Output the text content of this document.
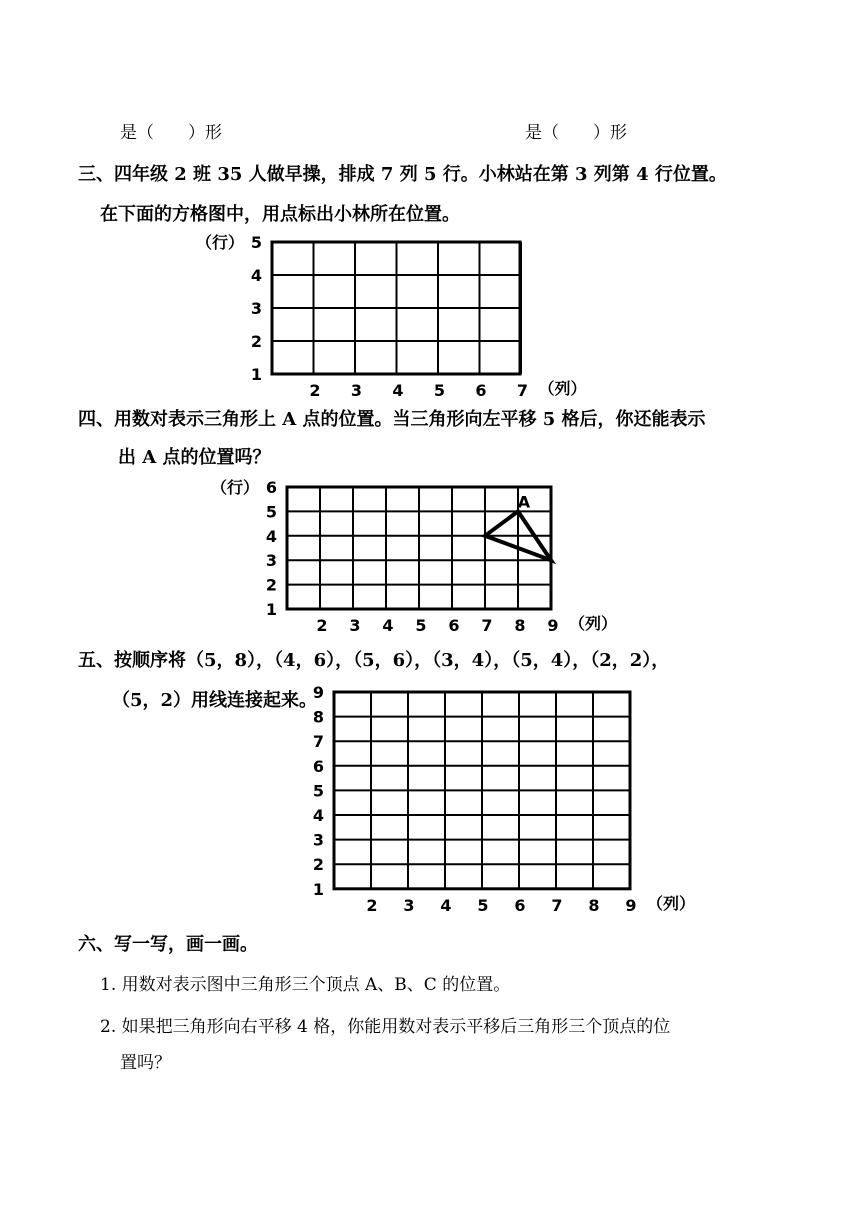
是（　　）形	是（　　）形
三、四年级 2 班 35 人做早操，排成 7 列 5 行。小林站在第 3 列第 4 行位置。
在下面的方格图中，用点标出小林所在位置。
1
2
3
4
5
2 3 4 5 6 7
（行）
（列）
1
2
3
4
5
6
2 3 4 5 6 7 8 9
（行）
（列）
A
1
2
3
4
5
6
7
8
9
2 3 4 5 6 7 8 9 （列）
四、用数对表示三角形上 A 点的位置。当三角形向左平移 5 格后，你还能表示
出 A 点的位置吗？
五、按顺序将（5，8），（4，6），（5，6），（3，4），（5，4），（2，2），
（5，2）用线连接起来。
六、写一写，画一画。
1. 用数对表示图中三角形三个顶点 A、B、C 的位置。
2. 如果把三角形向右平移 4 格，你能用数对表示平移后三角形三个顶点的位
置吗？
